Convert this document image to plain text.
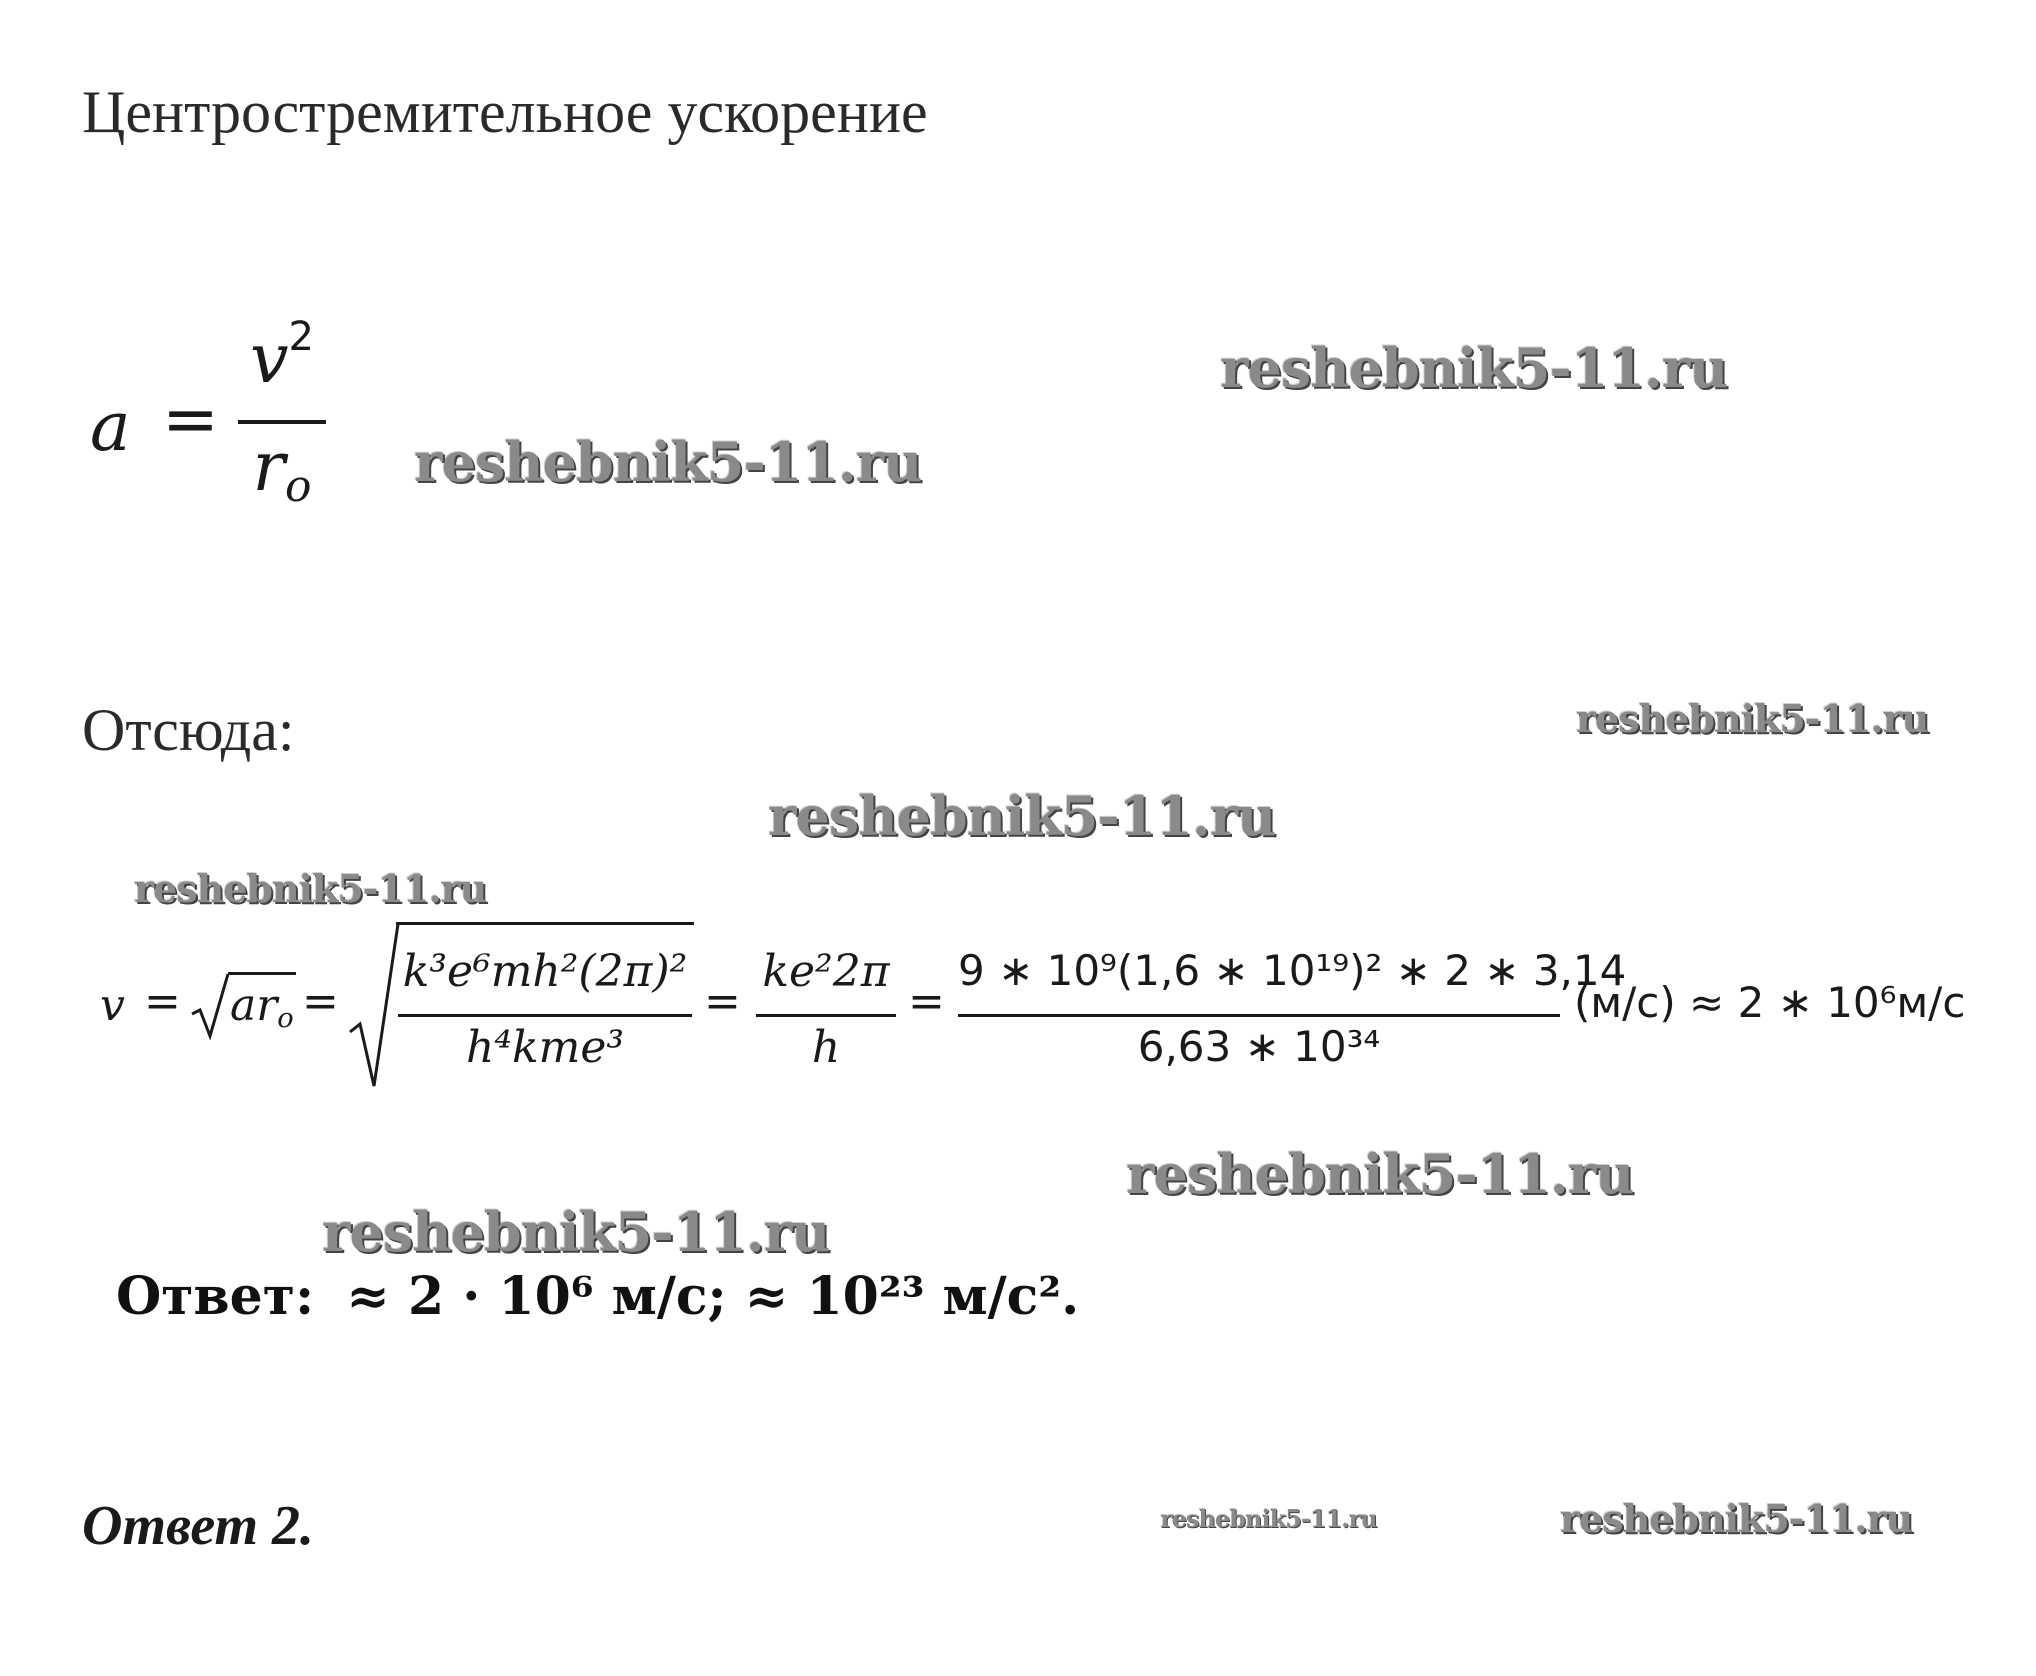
Центростремительное ускорение
a =
$v^2$
$r_o$
Отсюда:
$v = ar_o$ =
k³e⁶mh²(2π)²
h⁴kme³
=
ke²2π
h
=
9 ∗ 10⁹(1,6 ∗ 10¹⁹)² ∗ 2 ∗ 3,14
6,63 ∗ 10³⁴
(м/с) ≈ 2 ∗ 10⁶м/с
Ответ: ≈ 2 · 10⁶ м/с; ≈ 10²³ м/с².
Ответ 2.
reshebnik5-11.ru
reshebnik5-11.ru
reshebnik5-11.ru
reshebnik5-11.ru
reshebnik5-11.ru
reshebnik5-11.ru
reshebnik5-11.ru
reshebnik5-11.ru	reshebnik5-11.ru
